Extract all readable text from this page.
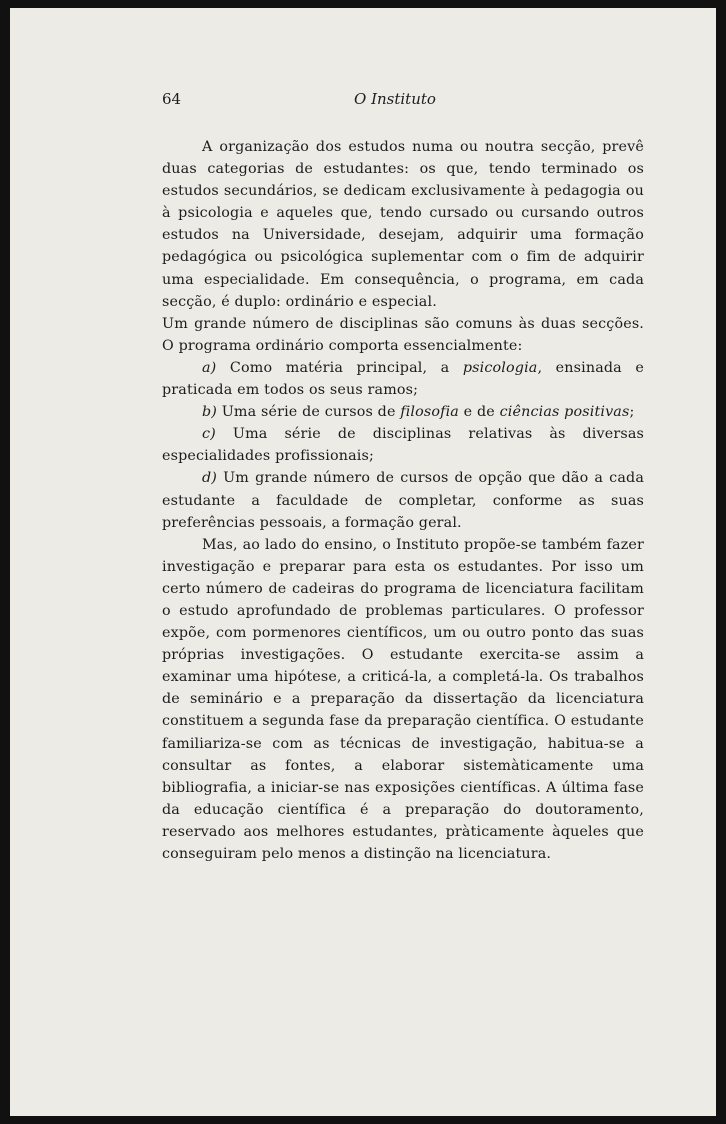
64	O Instituto

A organização dos estudos numa ou noutra secção, prevê duas categorias de estudantes: os que, tendo terminado os estudos secundários, se dedicam exclusivamente à pedagogia ou à psicologia e aqueles que, tendo cursado ou cursando outros estudos na Universidade, desejam, adquirir uma formação pedagógica ou psicológica suplementar com o fim de adquirir uma especialidade. Em consequência, o programa, em cada secção, é duplo: ordinário e especial.

Um grande número de disciplinas são comuns às duas secções. O programa ordinário comporta essencialmente:

a) Como matéria principal, a psicologia, ensinada e praticada em todos os seus ramos;

b) Uma série de cursos de filosofia e de ciências positivas;

c) Uma série de disciplinas relativas às diversas especialidades profissionais;

d) Um grande número de cursos de opção que dão a cada estudante a faculdade de completar, conforme as suas preferências pessoais, a formação geral.

Mas, ao lado do ensino, o Instituto propõe-se também fazer investigação e preparar para esta os estudantes. Por isso um certo número de cadeiras do programa de licenciatura facilitam o estudo aprofundado de problemas particulares. O professor expõe, com pormenores científicos, um ou outro ponto das suas próprias investigações. O estudante exercita-se assim a examinar uma hipótese, a criticá-la, a completá-la. Os trabalhos de seminário e a preparação da dissertação da licenciatura constituem a segunda fase da preparação científica. O estudante familiariza-se com as técnicas de investigação, habitua-se a consultar as fontes, a elaborar sistemàticamente uma bibliografia, a iniciar-se nas exposições científicas. A última fase da educação científica é a preparação do doutoramento, reservado aos melhores estudantes, pràticamente àqueles que conseguiram pelo menos a distinção na licenciatura.
